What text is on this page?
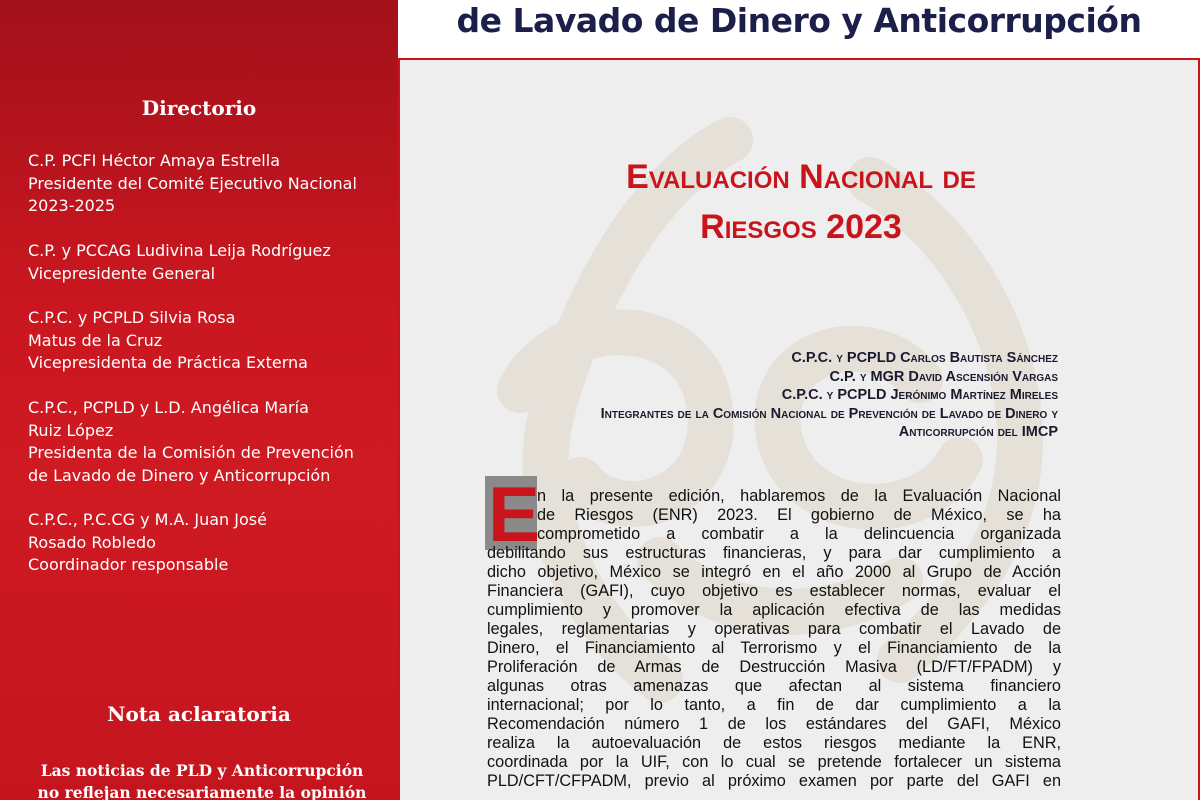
Directorio
C.P. PCFI Héctor Amaya Estrella
Presidente del Comité Ejecutivo Nacional
2023-2025
C.P. y PCCAG Ludivina Leija Rodríguez
Vicepresidente General
C.P.C. y PCPLD Silvia Rosa
Matus de la Cruz
Vicepresidenta de Práctica Externa
C.P.C., PCPLD y L.D. Angélica María
Ruiz López
Presidenta de la Comisión de Prevención
de Lavado de Dinero y Anticorrupción
C.P.C., P.C.CG y M.A. Juan José
Rosado Robledo
Coordinador responsable
Nota aclaratoria
Las noticias de PLD y Anticorrupción
no reflejan necesariamente la opinión
de Lavado de Dinero y Anticorrupción
Evaluación Nacional de
Riesgos 2023
C.P.C. y PCPLD Carlos Bautista Sánchez
C.P. y MGR David Ascensión Vargas
C.P.C. y PCPLD Jerónimo Martínez Mireles
Integrantes de la Comisión Nacional de Prevención de Lavado de Dinero y
Anticorrupción del IMCP
E
n la presente edición, hablaremos de la Evaluación Nacional
de Riesgos (ENR) 2023. El gobierno de México, se ha
comprometido a combatir a la delincuencia organizada
debilitando sus estructuras financieras, y para dar cumplimiento a
dicho objetivo, México se integró en el año 2000 al Grupo de Acción
Financiera (GAFI), cuyo objetivo es establecer normas, evaluar el
cumplimiento y promover la aplicación efectiva de las medidas
legales, reglamentarias y operativas para combatir el Lavado de
Dinero, el Financiamiento al Terrorismo y el Financiamiento de la
Proliferación de Armas de Destrucción Masiva (LD/FT/FPADM) y
algunas otras amenazas que afectan al sistema financiero
internacional; por lo tanto, a fin de dar cumplimiento a la
Recomendación número 1 de los estándares del GAFI, México
realiza la autoevaluación de estos riesgos mediante la ENR,
coordinada por la UIF, con lo cual se pretende fortalecer un sistema
PLD/CFT/CFPADM, previo al próximo examen por parte del GAFI en
